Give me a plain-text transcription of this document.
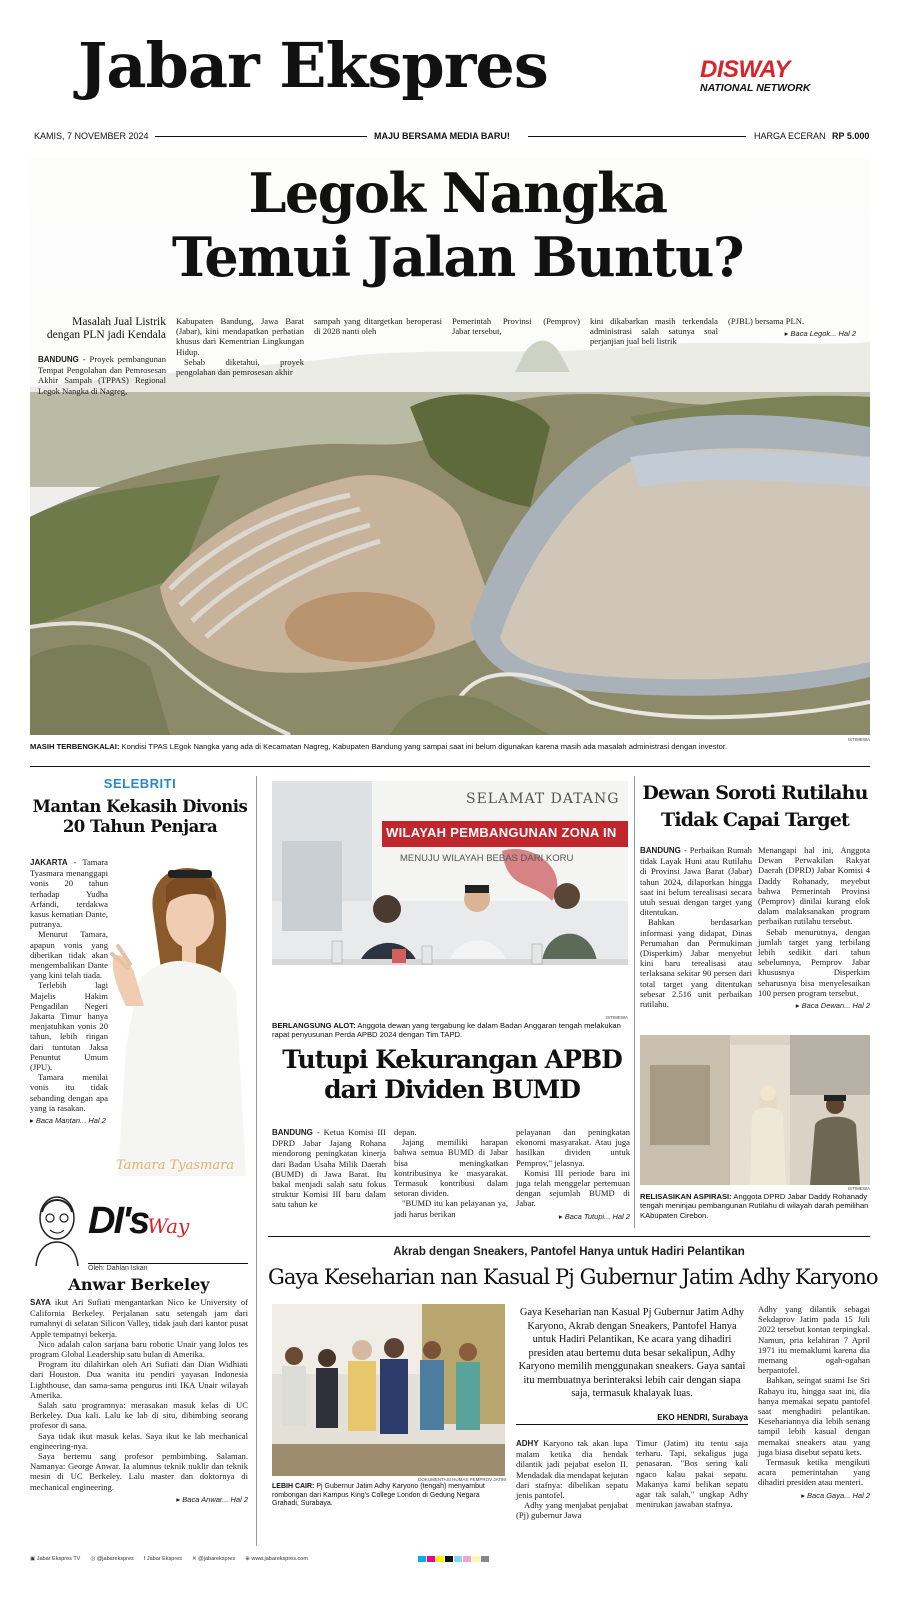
Jabar Ekspres	DISWAY
NATIONAL NETWORK
KAMIS, 7 NOVEMBER 2024	MAJU BERSAMA MEDIA BARU!	HARGA ECERAN RP 5.000
Legok Nangka
Temui Jalan Buntu?
Masalah Jual Listrik dengan PLN jadi Kendala

BANDUNG - Proyek pembangunan Tempat Pengolahan dan Pemrosesan Akhir Sampah (TPPAS) Regional Legok Nangka di Nagreg,

Kabupaten Bandung, Jawa Barat (Jabar), kini mendapatkan perhatian khusus dari Kementrian Lingkungan Hidup.

Sebab diketahui, proyek pengolahan dan pemrosesan akhir

sampah yang ditargetkan beroperasi di 2028 nanti oleh

Pemerintah Provinsi (Pemprov) Jabar tersebut,

kini dikabarkan masih terkendala administrasi salah satunya soal perjanjian jual beli listrik

(PJBL) bersama PLN.

▸ Baca Legok... Hal 2
ISTIMEWA
MASIH TERBENGKALAI: Kondisi TPAS LEgok Nangka yang ada di Kecamatan Nagreg, Kabupaten Bandung yang sampai saat ini belum digunakan karena masih ada masalah administrasi dengan investor.
SELEBRITI
Mantan Kekasih Divonis 20 Tahun Penjara

JAKARTA - Tamara Tyasmara menanggapi vonis 20 tahun terhadap Yudha Arfandi, terdakwa kasus kematian Dante, putranya.

Menurut Tamara, apapun vonis yang diberikan tidak akan mengembalikan Dante yang kini telah tiada.

Terlebih lagi Majelis Hakim Pengadilan Negeri Jakarta Timur hanya menjatuhkan vonis 20 tahun, lebih ringan dari tuntutan Jaksa Penuntut Umum (JPU).

Tamara menilai vonis itu tidak sebanding dengan apa yang ia rasakan.

▸ Baca Mantan... Hal 2
Tamara Tyasmara
DI's Way
Oleh: Dahlan Iskan
Anwar Berkeley

SAYA ikut Ari Sufiati mengantarkan Nico ke University of California Berkeley. Perjalanan satu setengah jam dari rumahnyi di selatan Silicon Valley, tidak jauh dari kantor pusat Apple tempatnyi bekerja.

Nico adalah calon sarjana baru robotic Unair yang lolos tes program Global Leadership satu bulan di Amerika.

Program itu dilahirkan oleh Ari Sufiati dan Dian Widhiati dari Houston. Dua wanita itu pendiri yayasan Indonesia Lighthouse, dan sama-sama pengurus inti IKA Unair wilayah Amerika.

Salah satu programnya: merasakan masuk kelas di UC Berkeley. Dua kali. Lalu ke lab di situ, dibimbing seorang profesor di sana.

Saya tidak ikut masuk kelas. Saya ikut ke lab mechanical engineering-nya.

Saya bertemu sang profesor pembimbing. Salaman. Namanya: George Anwar. Ia alumnus teknik nuklir dan teknik mesin di UC Berkeley. Lalu master dan doktornya di mechanical engineering.

▸ Baca Anwar... Hal 2
SELAMAT DATANG
WILAYAH PEMBANGUNAN ZONA IN
MENUJU WILAYAH BEBAS DARI KORU
ISTIMEWA
BERLANGSUNG ALOT: Anggota dewan yang tergabung ke dalam Badan Anggaran tengah melakukan rapat penyusunan Perda APBD 2024 dengan Tim TAPD.
Tutupi Kekurangan APBD dari Dividen BUMD

BANDUNG - Ketua Komisi III DPRD Jabar Jajang Rohana mendorong peningkatan kinerja dari Badan Usaha Milik Daerah (BUMD) di Jawa Barat. Itu bakal menjadi salah satu fokus struktur Komisi III baru dalam satu tahun ke

depan.

Jajang memiliki harapan bahwa semua BUMD di Jabar bisa meningkatkan kontribusinya ke masyarakat. Termasuk kontribusi dalam setoran dividen.

"BUMD itu kan pelayanan ya, jadi harus berikan

pelayanan dan peningkatan ekonomi masyarakat. Atau juga hasilkan dividen untuk Pemprov," jelasnya.

Komisi III periode baru ini juga telah menggelar pertemuan dengan sejumlah BUMD di Jabar.

▸ Baca Tutupi... Hal 2
Dewan Soroti Rutilahu Tidak Capai Target

BANDUNG - Perbaikan Rumah tidak Layak Huni atau Rutilahu di Provinsi Jawa Barat (Jabar) tahun 2024, dilaporkan hingga saat ini belum terealisasi secara utuh sesuai dengan target yang ditentukan.

Bahkan berdasarkan informasi yang didapat, Dinas Perumahan dan Permukiman (Disperkim) Jabar menyebut kini baru terealisasi atau terlaksana sekitar 90 persen dari total target yang ditentukan sebesar 2.516 unit perbaikan rutilahu.

Menangapi hal ini, Anggota Dewan Perwakilan Rakyat Daerah (DPRD) Jabar Komisi 4 Daddy Rohanady, meyebut bahwa Pemerintah Provinsi (Pemprov) dinilai kurang elok dalam malaksanakan program perbaikan rutilahu tersebut.

Sebab menurutnya, dengan jumlah target yang terbilang lebih sedikit dari tahun sebelumnya, Pemprov Jabar khususnya Disperkim seharusnya bisa menyelesaikan 100 persen program tersebut.

▸ Baca Dewan... Hal 2
ISTIMEWA
RELISASIKAN ASPIRASI: Anggota DPRD Jabar Daddy Rohanady tengah meninjau pembangunan Rutilahu di wilayah darah pemilihan KAbupaten Cirebon.
Akrab dengan Sneakers, Pantofel Hanya untuk Hadiri Pelantikan
Gaya Keseharian nan Kasual Pj Gubernur Jatim Adhy Karyono
DOKUMENTASI HUMAS PEMPROV JATIM
LEBIH CAIR: Pj Gubernur Jatim Adhy Karyono (tengah) menyambut rombongan dari Kampus King's College London di Gedung Negara Grahadi, Surabaya.
Gaya Keseharian nan Kasual Pj Gubernur Jatim Adhy Karyono, Akrab dengan Sneakers, Pantofel Hanya untuk Hadiri Pelantikan, Ke acara yang dihadiri presiden atau bertemu duta besar sekalipun, Adhy Karyono memilih menggunakan sneakers. Gaya santai itu membuatnya berinteraksi lebih cair dengan siapa saja, termasuk khalayak luas.
EKO HENDRI, Surabaya

ADHY Karyono tak akan lupa malam ketika dia hendak dilantik jadi pejabat eselon II. Mendadak dia mendapat kejutan dari stafnya: dibelikan sepatu jenis pantofel.

Adhy yang menjabat penjabat (Pj) gubernur Jawa

Timur (Jatim) itu tentu saja terharu. Tapi, sekaligus juga penasaran. "Bos sering kali ngaco kalau pakai sepatu. Makanya kami belikan sepatu agar tak salah," ungkap Adhy menirukan jawaban stafnya.

Adhy yang dilantik sebagai Sekdaprov Jatim pada 15 Juli 2022 tersebut kontan terpingkal. Namun, pria kelahiran 7 April 1971 itu memaklumi karena dia memang ogah-ogahan berpantofel.

Bahkan, seingat suami Ise Sri Rahayu itu, hingga saat ini, dia hanya memakai sepatu pantofel saat menghadiri pelantikan. Kesehariannya dia lebih senang tampil lebih kasual dengan memakai sneakers atau yang juga biasa disebut sepatu kets.

Termasuk ketika mengikuti acara pemerintahan yang dihadiri presiden atau menteri.

▸ Baca Gaya... Hal 2
▣ Jabar Ekspres TV ◎ @jabarekspres f Jabar Ekspres ✕ @jabarekspres ⊕ www.jabarekspres.com
